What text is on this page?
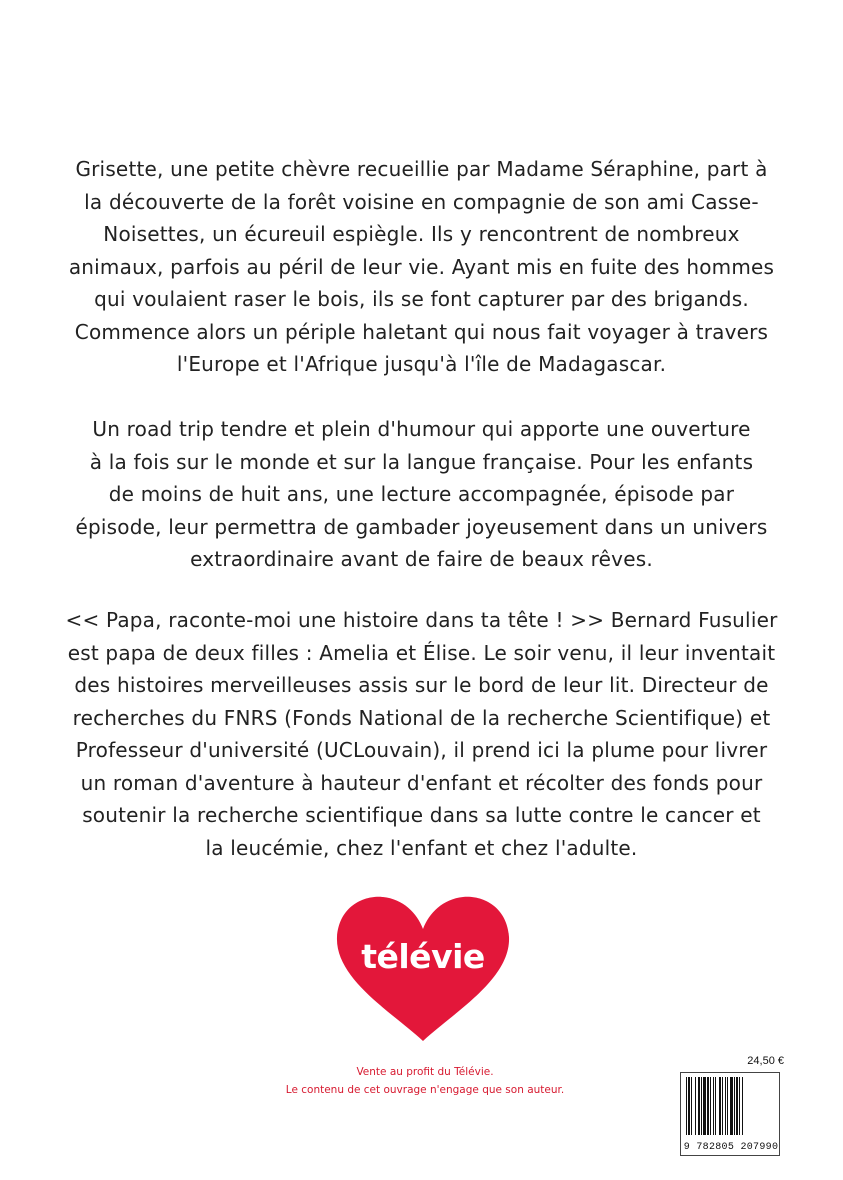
Grisette, une petite chèvre recueillie par Madame Séraphine, part à
la découverte de la forêt voisine en compagnie de son ami Casse-
Noisettes, un écureuil espiègle. Ils y rencontrent de nombreux
animaux, parfois au péril de leur vie. Ayant mis en fuite des hommes
qui voulaient raser le bois, ils se font capturer par des brigands.
Commence alors un périple haletant qui nous fait voyager à travers
l'Europe et l'Afrique jusqu'à l'île de Madagascar.
Un road trip tendre et plein d'humour qui apporte une ouverture
à la fois sur le monde et sur la langue française. Pour les enfants
de moins de huit ans, une lecture accompagnée, épisode par
épisode, leur permettra de gambader joyeusement dans un univers
extraordinaire avant de faire de beaux rêves.
<< Papa, raconte-moi une histoire dans ta tête ! >> Bernard Fusulier
est papa de deux filles : Amelia et Élise. Le soir venu, il leur inventait
des histoires merveilleuses assis sur le bord de leur lit. Directeur de
recherches du FNRS (Fonds National de la recherche Scientifique) et
Professeur d'université (UCLouvain), il prend ici la plume pour livrer
un roman d'aventure à hauteur d'enfant et récolter des fonds pour
soutenir la recherche scientifique dans sa lutte contre le cancer et
la leucémie, chez l'enfant et chez l'adulte.
télévie
Vente au profit du Télévie.
Le contenu de cet ouvrage n'engage que son auteur.
24,50 €
9 782805 207990
